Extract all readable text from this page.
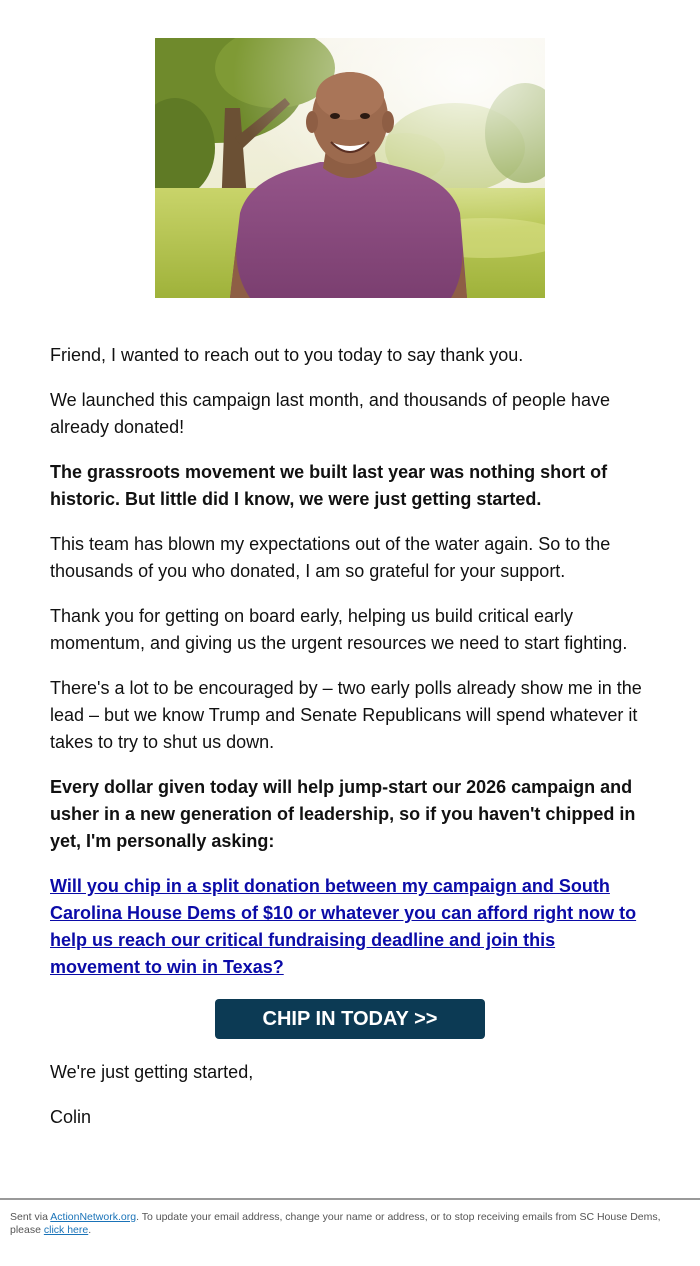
Friend, I wanted to reach out to you today to say thank you.

We launched this campaign last month, and thousands of people have already donated!

The grassroots movement we built last year was nothing short of historic. But little did I know, we were just getting started.

This team has blown my expectations out of the water again. So to the thousands of you who donated, I am so grateful for your support.

Thank you for getting on board early, helping us build critical early momentum, and giving us the urgent resources we need to start fighting.

There's a lot to be encouraged by – two early polls already show me in the lead – but we know Trump and Senate Republicans will spend whatever it takes to try to shut us down.

Every dollar given today will help jump-start our 2026 campaign and usher in a new generation of leadership, so if you haven't chipped in yet, I'm personally asking:

Will you chip in a split donation between my campaign and South Carolina House Dems of $10 or whatever you can afford right now to help us reach our critical fundraising deadline and join this movement to win in Texas?

CHIP IN TODAY >>

We're just getting started,

Colin

Sent via ActionNetwork.org. To update your email address, change your name or address, or to stop receiving emails from SC House Dems, please click here.
